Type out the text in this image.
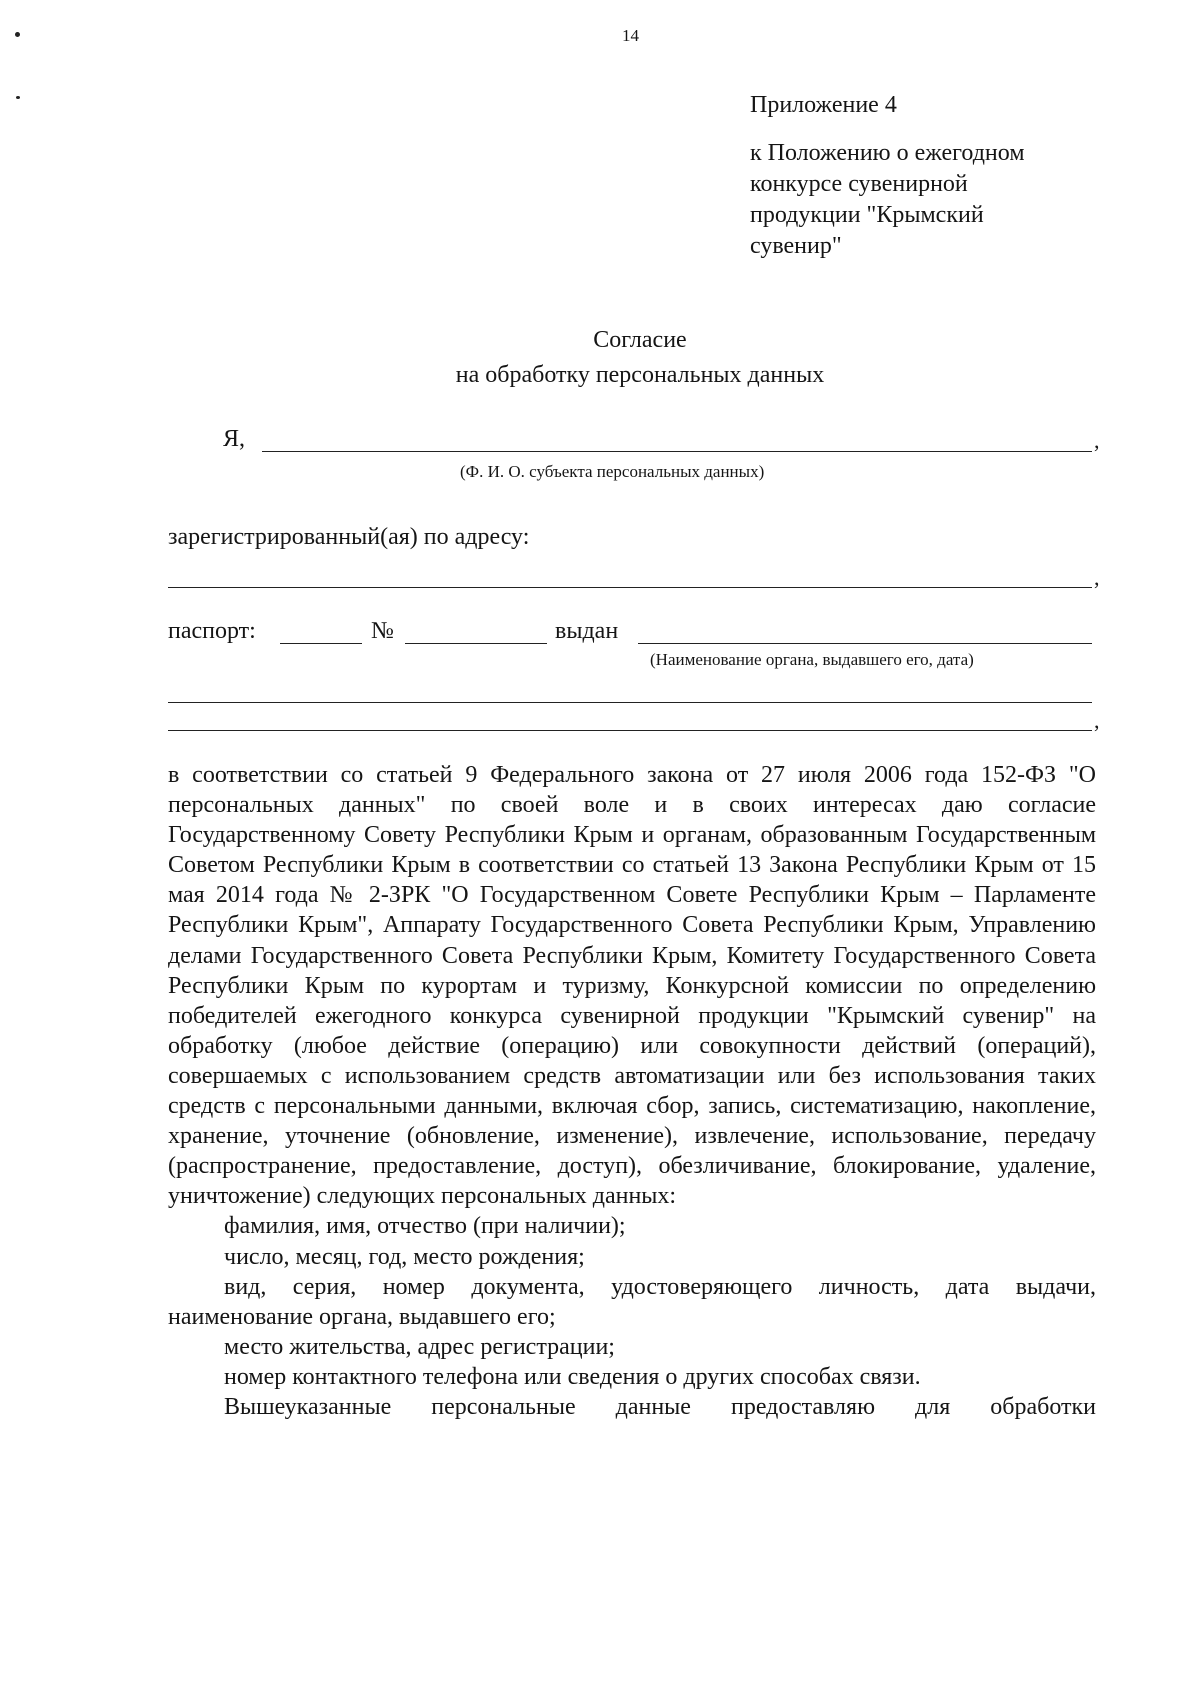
14
Приложение 4
к Положению о ежегодном
конкурсе сувенирной
продукции "Крымский
сувенир"
Согласие
на обработку персональных данных
Я,	,
(Ф. И. О. субъекта персональных данных)
зарегистрированный(ая) по адресу:
,
паспорт:	№	выдан
(Наименование органа, выдавшего его, дата)
,

в соответствии со статьей 9 Федерального закона от 27 июля 2006 года 152-ФЗ "О персональных данных" по своей воле и в своих интересах даю согласие Государственному Совету Республики Крым и органам, образованным Государственным Советом Республики Крым в соответствии со статьей 13 Закона Республики Крым от 15 мая 2014 года № 2-ЗРК "О Государственном Совете Республики Крым – Парламенте Республики Крым", Аппарату Государственного Совета Республики Крым, Управлению делами Государственного Совета Республики Крым, Комитету Государственного Совета Республики Крым по курортам и туризму, Конкурсной комиссии по определению победителей ежегодного конкурса сувенирной продукции "Крымский сувенир" на обработку (любое действие (операцию) или совокупности действий (операций), совершаемых с использованием средств автоматизации или без использования таких средств с персональными данными, включая сбор, запись, систематизацию, накопление, хранение, уточнение (обновление, изменение), извлечение, использование, передачу (распространение, предоставление, доступ), обезличивание, блокирование, удаление, уничтожение) следующих персональных данных:

фамилия, имя, отчество (при наличии);

число, месяц, год, место рождения;

вид, серия, номер документа, удостоверяющего личность, дата выдачи, наименование органа, выдавшего его;

место жительства, адрес регистрации;

номер контактного телефона или сведения о других способах связи.

Вышеуказанные персональные данные предоставляю для обработки
